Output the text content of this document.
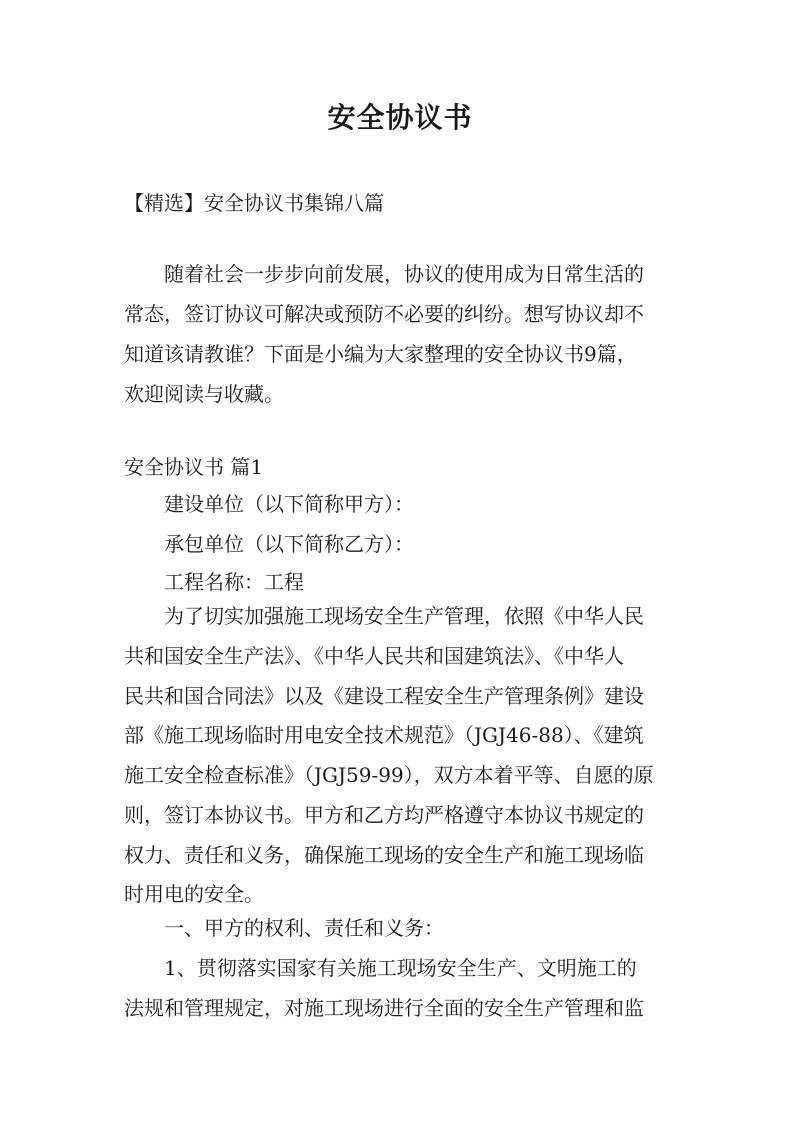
安全协议书

【精选】安全协议书集锦八篇

随着社会一步步向前发展，协议的使用成为日常生活的

常态，签订协议可解决或预防不必要的纠纷。想写协议却不

知道该请教谁？下面是小编为大家整理的安全协议书9篇，

欢迎阅读与收藏。

安全协议书 篇1

建设单位（以下简称甲方）：

承包单位（以下简称乙方）：

工程名称：工程

为了切实加强施工现场安全生产管理，依照《中华人民

共和国安全生产法》、《中华人民共和国建筑法》、《中华人

民共和国合同法》以及《建设工程安全生产管理条例》建设

部《施工现场临时用电安全技术规范》（JGJ46-88）、《建筑

施工安全检查标准》（JGJ59-99），双方本着平等、自愿的原

则，签订本协议书。甲方和乙方均严格遵守本协议书规定的

权力、责任和义务，确保施工现场的安全生产和施工现场临

时用电的安全。

一、甲方的权利、责任和义务：

1、贯彻落实国家有关施工现场安全生产、文明施工的

法规和管理规定，对施工现场进行全面的安全生产管理和监
